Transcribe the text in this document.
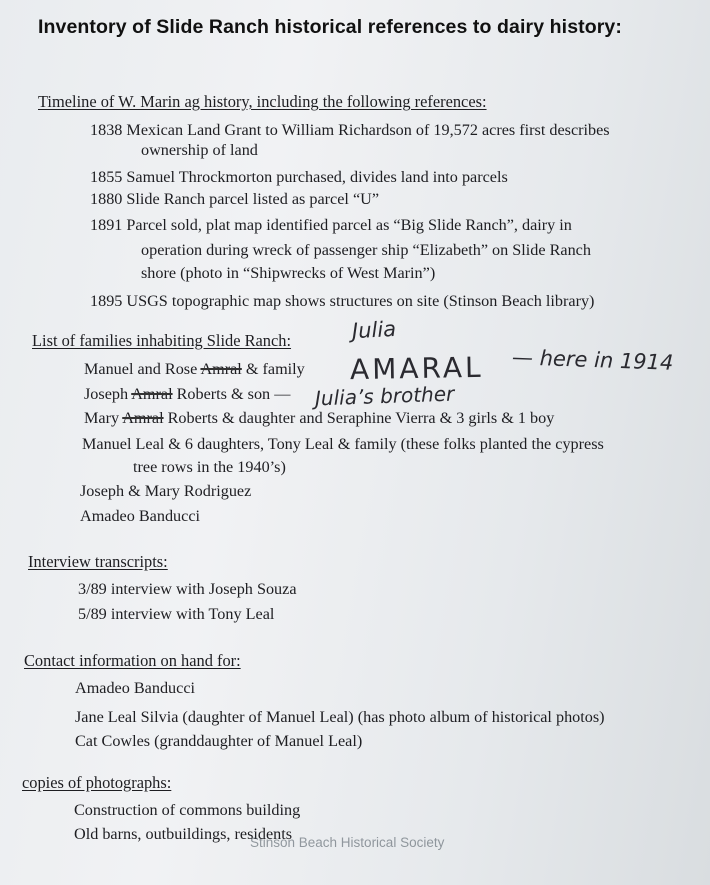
Inventory of Slide Ranch historical references to dairy history:
Timeline of W. Marin ag history, including the following references:
1838 Mexican Land Grant to William Richardson of 19,572 acres first describes
ownership of land
1855 Samuel Throckmorton purchased, divides land into parcels
1880 Slide Ranch parcel listed as parcel “U”
1891 Parcel sold, plat map identified parcel as “Big Slide Ranch”, dairy in
operation during wreck of passenger ship “Elizabeth” on Slide Ranch
shore (photo in “Shipwrecks of West Marin”)
1895 USGS topographic map shows structures on site (Stinson Beach library)
List of families inhabiting Slide Ranch:
Manuel and Rose Amral & family
Joseph Amral Roberts & son —
Mary Amral Roberts & daughter and Seraphine Vierra & 3 girls & 1 boy
Manuel Leal & 6 daughters, Tony Leal & family (these folks planted the cypress
tree rows in the 1940’s)
Joseph & Mary Rodriguez
Amadeo Banducci
Julia
AMARAL — here in 1914
Julia’s brother
Interview transcripts:
3/89 interview with Joseph Souza
5/89 interview with Tony Leal
Contact information on hand for:
Amadeo Banducci
Jane Leal Silvia (daughter of Manuel Leal) (has photo album of historical photos)
Cat Cowles (granddaughter of Manuel Leal)
copies of photographs:
Construction of commons building
Old barns, outbuildings, residents
Stinson Beach Historical Society
